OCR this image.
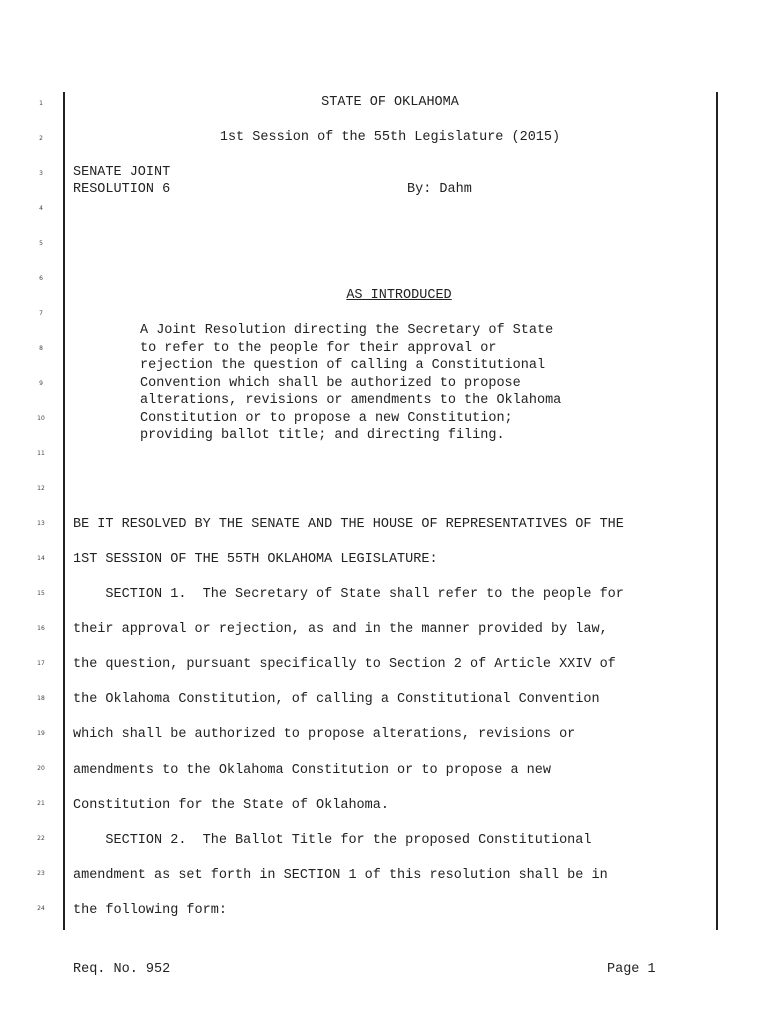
1
2
3
4
5
6
7
8
9
10
11
12
13
14
15
16
17
18
19
20
21
22
23
24
STATE OF OKLAHOMA
1st Session of the 55th Legislature (2015)
SENATE JOINT
RESOLUTION 6	By: Dahm
AS INTRODUCED
A Joint Resolution directing the Secretary of State
to refer to the people for their approval or
rejection the question of calling a Constitutional
Convention which shall be authorized to propose
alterations, revisions or amendments to the Oklahoma
Constitution or to propose a new Constitution;
providing ballot title; and directing filing.
BE IT RESOLVED BY THE SENATE AND THE HOUSE OF REPRESENTATIVES OF THE
1ST SESSION OF THE 55TH OKLAHOMA LEGISLATURE:
SECTION 1.  The Secretary of State shall refer to the people for
their approval or rejection, as and in the manner provided by law,
the question, pursuant specifically to Section 2 of Article XXIV of
the Oklahoma Constitution, of calling a Constitutional Convention
which shall be authorized to propose alterations, revisions or
amendments to the Oklahoma Constitution or to propose a new
Constitution for the State of Oklahoma.
SECTION 2.  The Ballot Title for the proposed Constitutional
amendment as set forth in SECTION 1 of this resolution shall be in
the following form:
Req. No. 952	Page 1
